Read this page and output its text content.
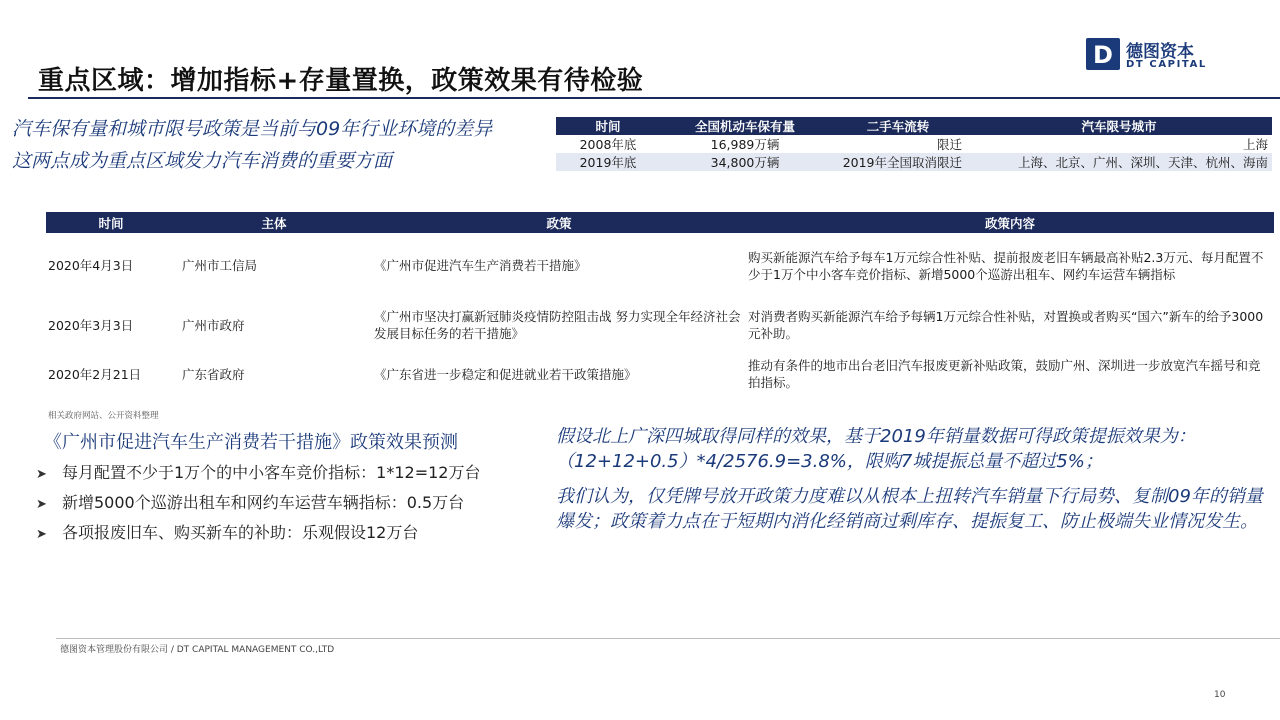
重点区域：增加指标+存量置换，政策效果有待检验
D 德图资本
DT CAPITAL
汽车保有量和城市限号政策是当前与09年行业环境的差异
这两点成为重点区域发力汽车消费的重要方面
时间	全国机动车保有量	二手车流转	汽车限号城市
2008年底	16,989万辆	限迁	上海
2019年底	34,800万辆	2019年全国取消限迁	上海、北京、广州、深圳、天津、杭州、海南
时间	主体	政策	政策内容
2020年4月3日	广州市工信局	《广州市促进汽车生产消费若干措施》	购买新能源汽车给予每车1万元综合性补贴、提前报废老旧车辆最高补贴2.3万元、每月配置不少于1万个中小客车竞价指标、新增5000个巡游出租车、网约车运营车辆指标
2020年3月3日	广州市政府	《广州市坚决打赢新冠肺炎疫情防控阻击战 努力实现全年经济社会发展目标任务的若干措施》	对消费者购买新能源汽车给予每辆1万元综合性补贴，对置换或者购买“国六”新车的给予3000元补助。
2020年2月21日	广东省政府	《广东省进一步稳定和促进就业若干政策措施》	推动有条件的地市出台老旧汽车报废更新补贴政策，鼓励广州、深圳进一步放宽汽车摇号和竞拍指标。
相关政府网站、公开资料整理
《广州市促进汽车生产消费若干措施》政策效果预测
➤ 每月配置不少于1万个的中小客车竞价指标：1*12=12万台
➤ 新增5000个巡游出租车和网约车运营车辆指标：0.5万台
➤ 各项报废旧车、购买新车的补助：乐观假设12万台
假设北上广深四城取得同样的效果，基于2019年销量数据可得政策提振效果为：（12+12+0.5）*4/2576.9=3.8%，限购7城提振总量不超过5%；
我们认为，仅凭牌号放开政策力度难以从根本上扭转汽车销量下行局势、复制09年的销量爆发；政策着力点在于短期内消化经销商过剩库存、提振复工、防止极端失业情况发生。
德图资本管理股份有限公司 / DT CAPITAL MANAGEMENT CO.,LTD
10
